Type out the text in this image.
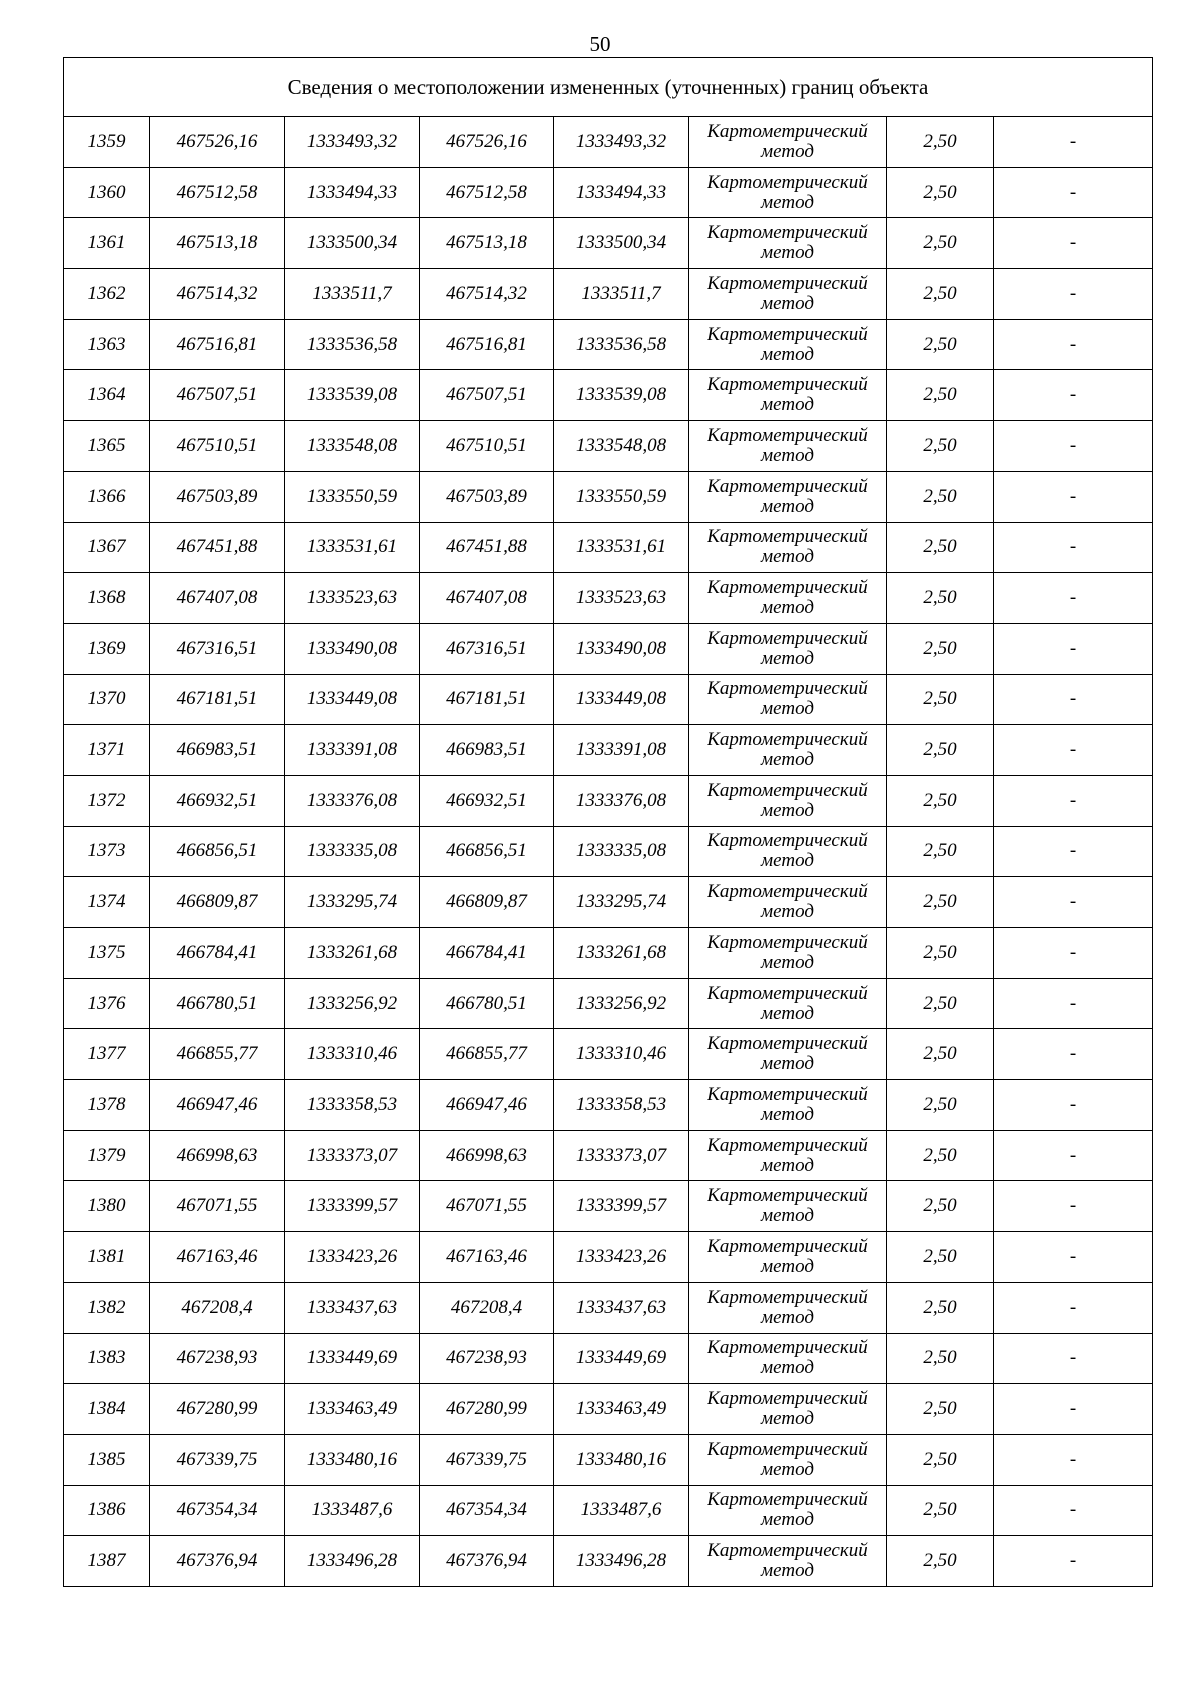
50
Сведения о местоположении измененных (уточненных) границ объекта							
1359	467526,16	1333493,32	467526,16	1333493,32	Картометрический метод	2,50	-
1360	467512,58	1333494,33	467512,58	1333494,33	Картометрический метод	2,50	-
1361	467513,18	1333500,34	467513,18	1333500,34	Картометрический метод	2,50	-
1362	467514,32	1333511,7	467514,32	1333511,7	Картометрический метод	2,50	-
1363	467516,81	1333536,58	467516,81	1333536,58	Картометрический метод	2,50	-
1364	467507,51	1333539,08	467507,51	1333539,08	Картометрический метод	2,50	-
1365	467510,51	1333548,08	467510,51	1333548,08	Картометрический метод	2,50	-
1366	467503,89	1333550,59	467503,89	1333550,59	Картометрический метод	2,50	-
1367	467451,88	1333531,61	467451,88	1333531,61	Картометрический метод	2,50	-
1368	467407,08	1333523,63	467407,08	1333523,63	Картометрический метод	2,50	-
1369	467316,51	1333490,08	467316,51	1333490,08	Картометрический метод	2,50	-
1370	467181,51	1333449,08	467181,51	1333449,08	Картометрический метод	2,50	-
1371	466983,51	1333391,08	466983,51	1333391,08	Картометрический метод	2,50	-
1372	466932,51	1333376,08	466932,51	1333376,08	Картометрический метод	2,50	-
1373	466856,51	1333335,08	466856,51	1333335,08	Картометрический метод	2,50	-
1374	466809,87	1333295,74	466809,87	1333295,74	Картометрический метод	2,50	-
1375	466784,41	1333261,68	466784,41	1333261,68	Картометрический метод	2,50	-
1376	466780,51	1333256,92	466780,51	1333256,92	Картометрический метод	2,50	-
1377	466855,77	1333310,46	466855,77	1333310,46	Картометрический метод	2,50	-
1378	466947,46	1333358,53	466947,46	1333358,53	Картометрический метод	2,50	-
1379	466998,63	1333373,07	466998,63	1333373,07	Картометрический метод	2,50	-
1380	467071,55	1333399,57	467071,55	1333399,57	Картометрический метод	2,50	-
1381	467163,46	1333423,26	467163,46	1333423,26	Картометрический метод	2,50	-
1382	467208,4	1333437,63	467208,4	1333437,63	Картометрический метод	2,50	-
1383	467238,93	1333449,69	467238,93	1333449,69	Картометрический метод	2,50	-
1384	467280,99	1333463,49	467280,99	1333463,49	Картометрический метод	2,50	-
1385	467339,75	1333480,16	467339,75	1333480,16	Картометрический метод	2,50	-
1386	467354,34	1333487,6	467354,34	1333487,6	Картометрический метод	2,50	-
1387	467376,94	1333496,28	467376,94	1333496,28	Картометрический метод	2,50	-
